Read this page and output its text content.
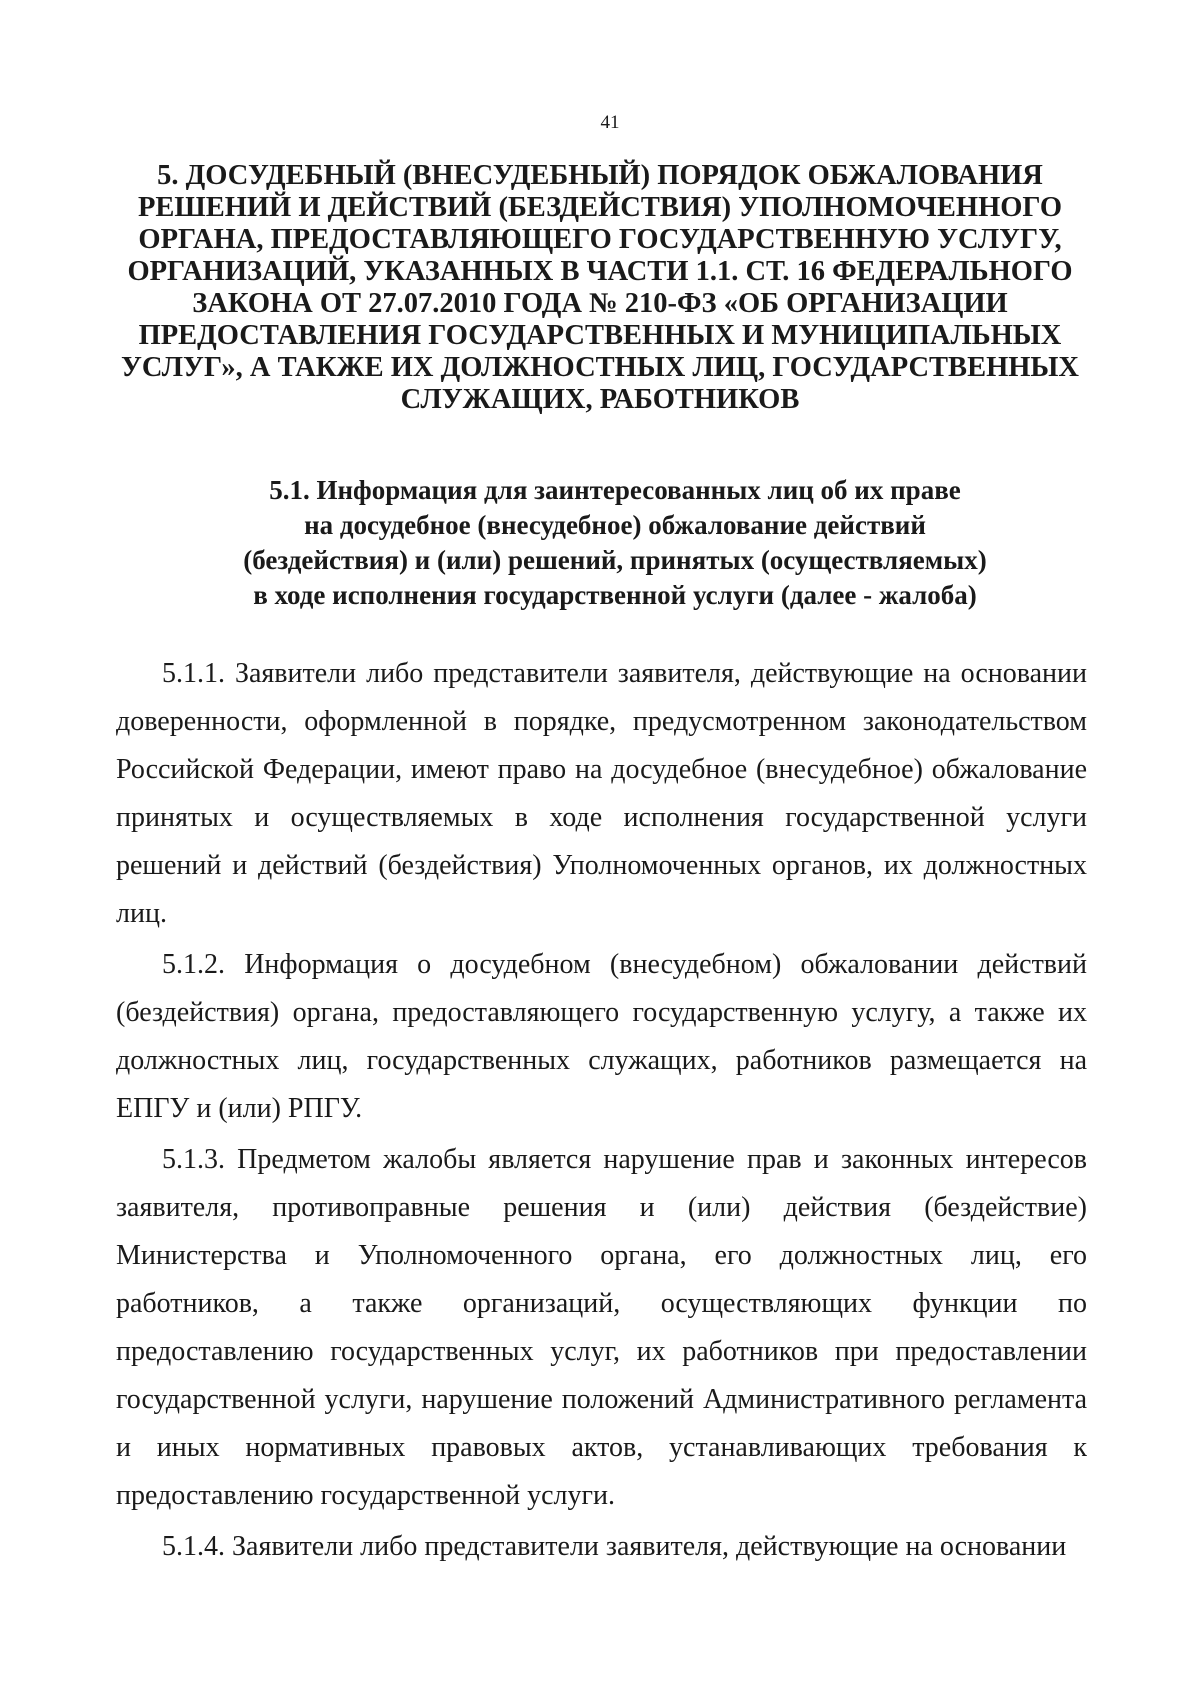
41
5. ДОСУДЕБНЫЙ (ВНЕСУДЕБНЫЙ) ПОРЯДОК ОБЖАЛОВАНИЯ
РЕШЕНИЙ И ДЕЙСТВИЙ (БЕЗДЕЙСТВИЯ) УПОЛНОМОЧЕННОГО
ОРГАНА, ПРЕДОСТАВЛЯЮЩЕГО ГОСУДАРСТВЕННУЮ УСЛУГУ,
ОРГАНИЗАЦИЙ, УКАЗАННЫХ В ЧАСТИ 1.1. СТ. 16 ФЕДЕРАЛЬНОГО
ЗАКОНА ОТ 27.07.2010 ГОДА № 210-ФЗ «ОБ ОРГАНИЗАЦИИ
ПРЕДОСТАВЛЕНИЯ ГОСУДАРСТВЕННЫХ И МУНИЦИПАЛЬНЫХ
УСЛУГ», А ТАКЖЕ ИХ ДОЛЖНОСТНЫХ ЛИЦ, ГОСУДАРСТВЕННЫХ
СЛУЖАЩИХ, РАБОТНИКОВ
5.1. Информация для заинтересованных лиц об их праве
на досудебное (внесудебное) обжалование действий
(бездействия) и (или) решений, принятых (осуществляемых)
в ходе исполнения государственной услуги (далее - жалоба)

5.1.1. Заявители либо представители заявителя, действующие на основании доверенности, оформленной в порядке, предусмотренном законодательством Российской Федерации, имеют право на досудебное (внесудебное) обжалование принятых и осуществляемых в ходе исполнения государственной услуги решений и действий (бездействия) Уполномоченных органов, их должностных лиц.

5.1.2. Информация о досудебном (внесудебном) обжаловании действий (бездействия) органа, предоставляющего государственную услугу, а также их должностных лиц, государственных служащих, работников размещается на ЕПГУ и (или) РПГУ.

5.1.3. Предметом жалобы является нарушение прав и законных интересов заявителя, противоправные решения и (или) действия (бездействие) Министерства и Уполномоченного органа, его должностных лиц, его работников, а также организаций, осуществляющих функции по предоставлению государственных услуг, их работников при предоставлении государственной услуги, нарушение положений Административного регламента и иных нормативных правовых актов, устанавливающих требования к предоставлению государственной услуги.

5.1.4. Заявители либо представители заявителя, действующие на основании
